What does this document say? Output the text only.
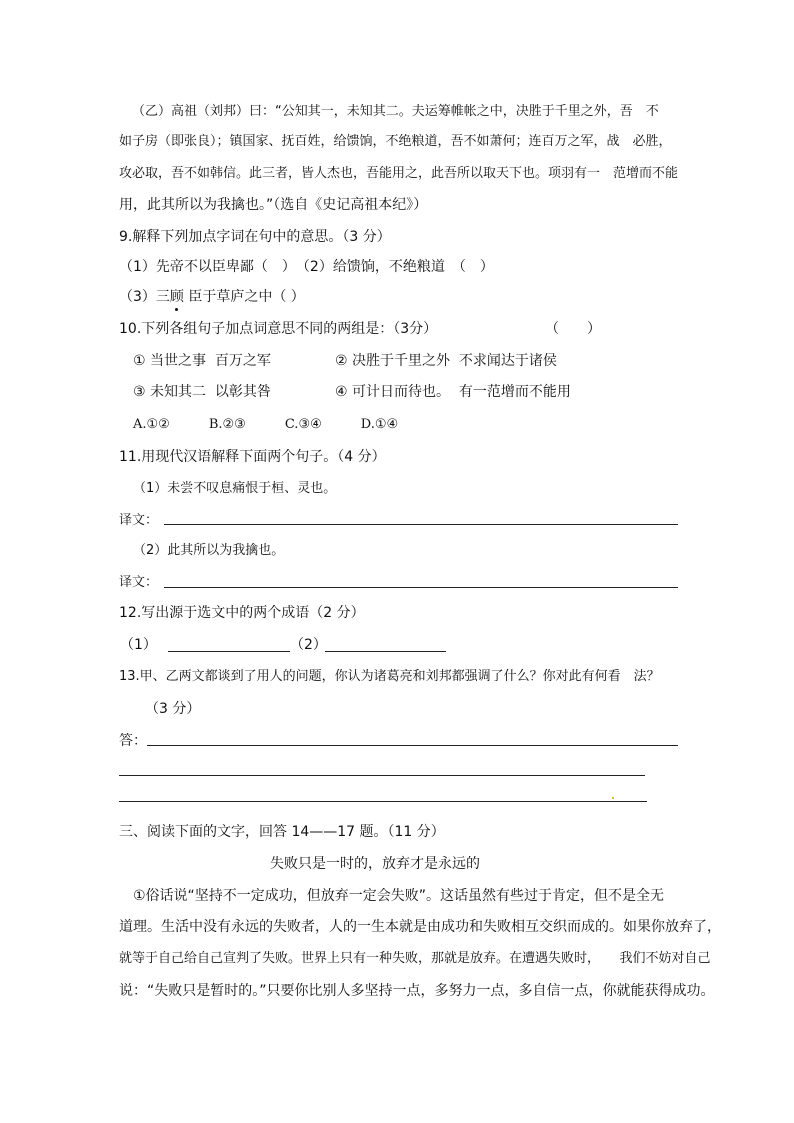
（乙）高祖（刘邦）曰：“公知其一，未知其二。夫运筹帷帐之中，决胜于千里之外，吾　不
如子房（即张良）；镇国家、抚百姓，给馈饷，不绝粮道，吾不如萧何；连百万之军，战　必胜，
攻必取，吾不如韩信。此三者，皆人杰也，吾能用之，此吾所以取天下也。项羽有一　范增而不能
用，此其所以为我擒也。”（选自《史记高祖本纪》）
9.解释下列加点字词在句中的意思。（3 分）
（1）先帝不以臣卑鄙（　）　（2）给馈饷，不绝粮道　（　）
（3）三顾 臣于草庐之中（ ）
10.下列各组句子加点词意思不同的两组是：（3分）	（　　）
① 当世之事  百万之军	② 决胜于千里之外  不求闻达于诸侯
③ 未知其二  以彰其咎	④ 可计日而待也。  有一范增而不能用
A.①②　　　B.②③　　　C.③④　　　D.①④
11.用现代汉语解释下面两个句子。（4 分）
（1）未尝不叹息痛恨于桓、灵也。
译文：
（2）此其所以为我擒也。
译文：
12.写出源于选文中的两个成语（2 分）
（1）	（2）
13.甲、乙两文都谈到了用人的问题，你认为诸葛亮和刘邦都强调了什么？你对此有何看　法？
（3 分）
答：
三、阅读下面的文字，回答 14——17 题。（11 分）
失败只是一时的，放弃才是永远的
①俗话说“坚持不一定成功，但放弃一定会失败”。这话虽然有些过于肯定，但不是全无
道理。生活中没有永远的失败者，人的一生本就是由成功和失败相互交织而成的。如果你放弃了，
就等于自己给自己宣判了失败。世界上只有一种失败，那就是放弃。在遭遇失败时，　　我们不妨对自己
说：“失败只是暂时的。”只要你比别人多坚持一点，多努力一点，多自信一点，你就能获得成功。
